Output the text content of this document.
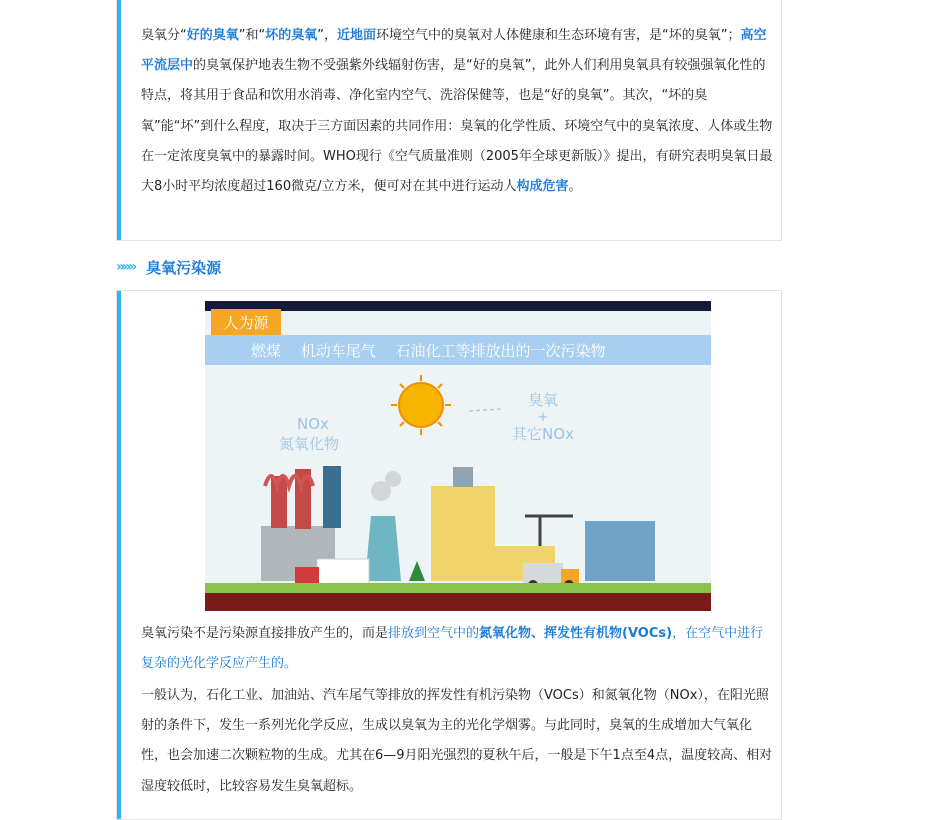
臭氧分“好的臭氧”和“坏的臭氧”，近地面环境空气中的臭氧对人体健康和生态环境有害，是“坏的臭氧”；高空平流层中的臭氧保护地表生物不受强紫外线辐射伤害，是“好的臭氧”，此外人们利用臭氧具有较强强氧化性的特点，将其用于食品和饮用水消毒、净化室内空气、洗浴保健等，也是“好的臭氧”。其次，“坏的臭氧”能“坏”到什么程度，取决于三方面因素的共同作用：臭氧的化学性质、环境空气中的臭氧浓度、人体或生物在一定浓度臭氧中的暴露时间。WHO现行《空气质量准则（2005年全球更新版）》提出，有研究表明臭氧日最大8小时平均浓度超过160微克/立方米，便可对在其中进行运动人构成危害。

»»» 臭氧污染源
人为源
燃煤　 机动车尾气　 石油化工等排放出的一次污染物
NOx
氮氧化物
臭氧
+
其它NOx

臭氧污染不是污染源直接排放产生的，而是排放到空气中的氮氧化物、挥发性有机物(VOCs)，在空气中进行复杂的光化学反应产生的。

一般认为，石化工业、加油站、汽车尾气等排放的挥发性有机污染物（VOCs）和氮氧化物（NOx），在阳光照射的条件下，发生一系列光化学反应，生成以臭氧为主的光化学烟雾。与此同时，臭氧的生成增加大气氧化性，也会加速二次颗粒物的生成。尤其在6—9月阳光强烈的夏秋午后，一般是下午1点至4点，温度较高、相对湿度较低时，比较容易发生臭氧超标。
